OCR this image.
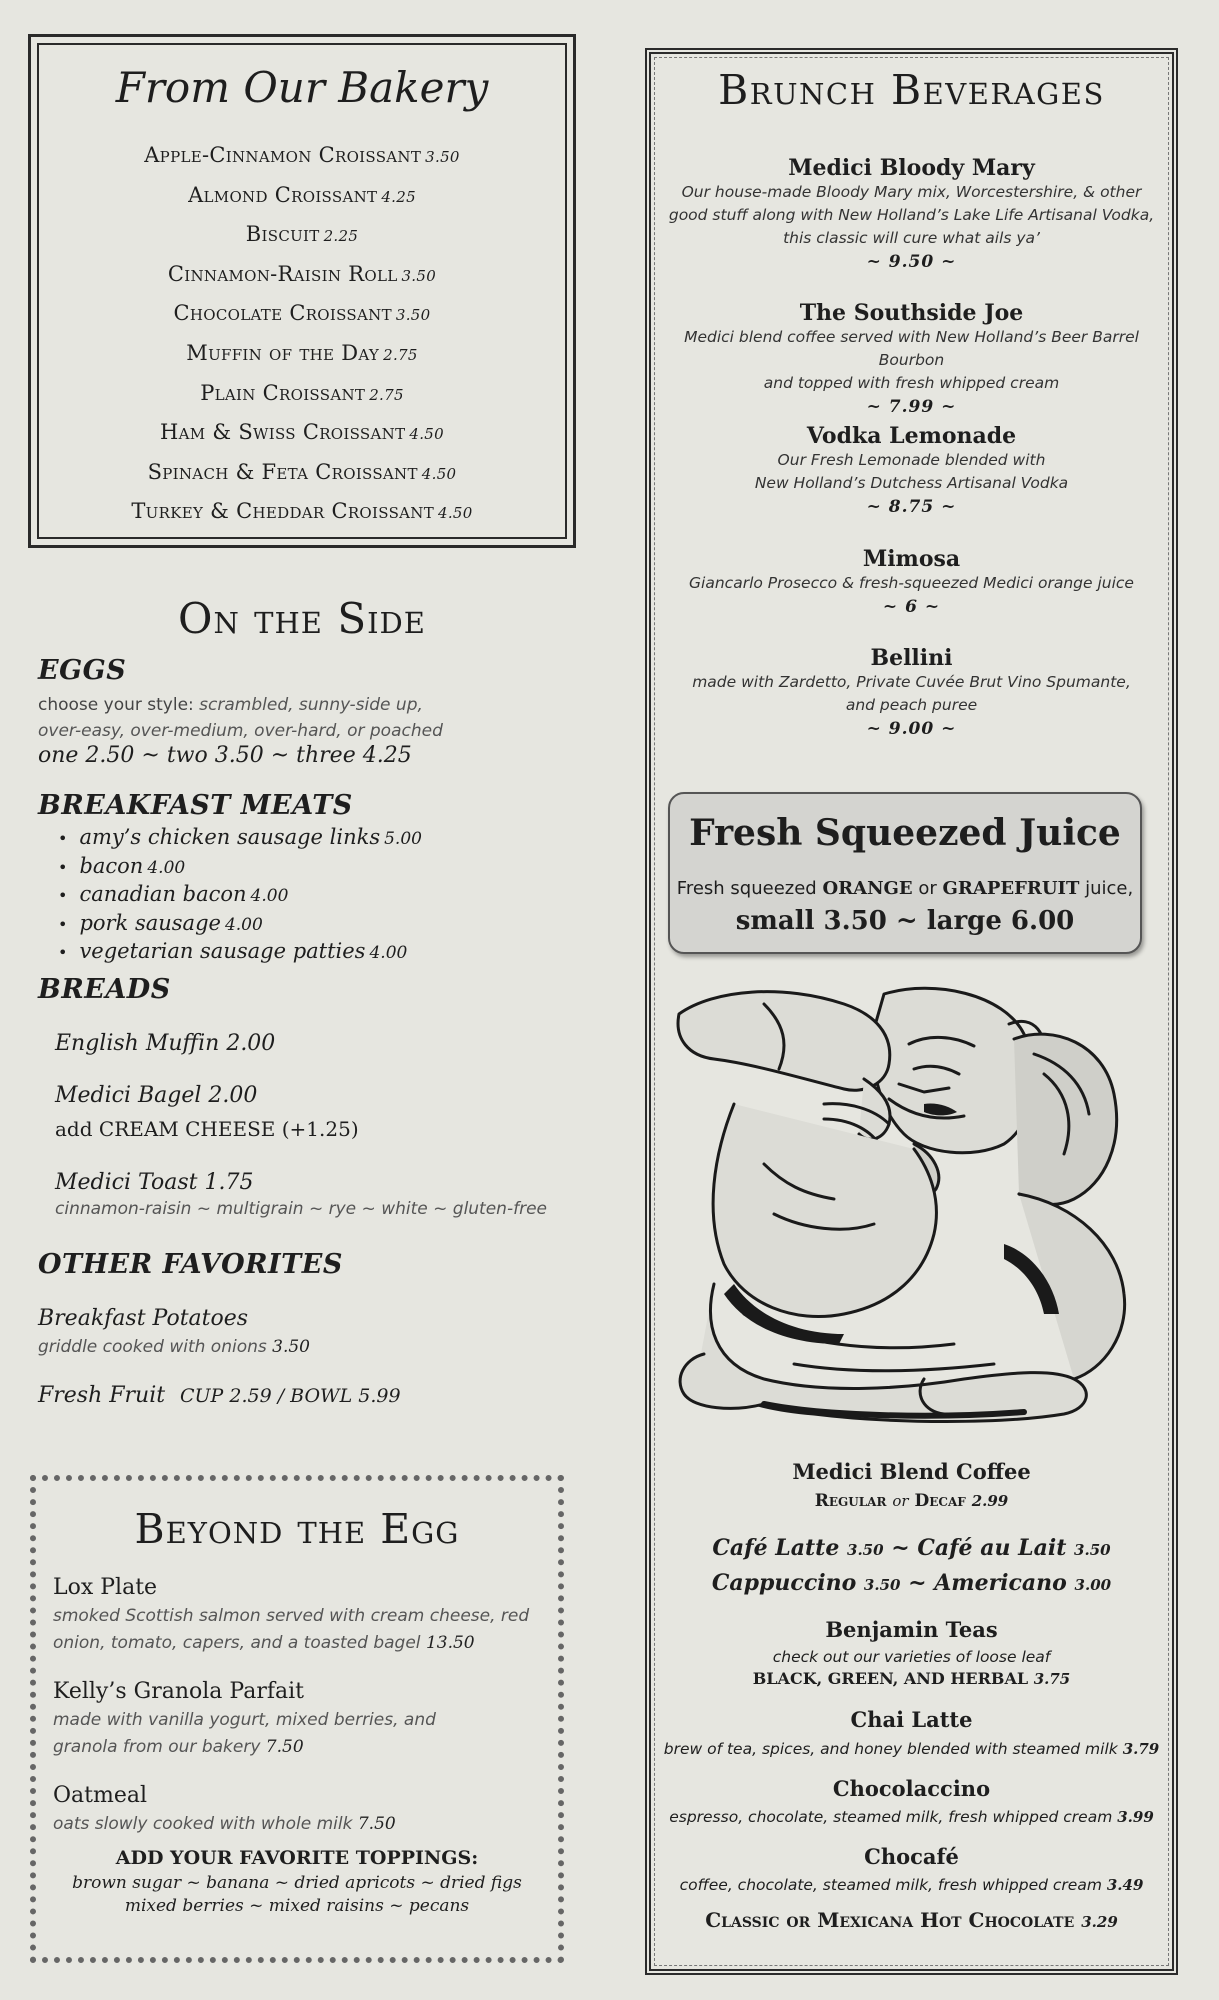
From Our Bakery
Apple-Cinnamon Croissant 3.50
Almond Croissant 4.25
Biscuit 2.25
Cinnamon-Raisin Roll 3.50
Chocolate Croissant 3.50
Muffin of the Day 2.75
Plain Croissant 2.75
Ham & Swiss Croissant 4.50
Spinach & Feta Croissant 4.50
Turkey & Cheddar Croissant 4.50
On the Side
EGGS
choose your style: scrambled, sunny-side up,
over-easy, over-medium, over-hard, or poached
one 2.50 ~ two 3.50 ~ three 4.25
BREAKFAST MEATS
• amy’s chicken sausage links 5.00
• bacon 4.00
• canadian bacon 4.00
• pork sausage 4.00
• vegetarian sausage patties 4.00
BREADS
English Muffin 2.00
Medici Bagel 2.00
add CREAM CHEESE (+1.25)
Medici Toast 1.75
cinnamon-raisin ~ multigrain ~ rye ~ white ~ gluten-free
OTHER FAVORITES
Breakfast Potatoes
griddle cooked with onions 3.50
Fresh Fruit CUP 2.59 / BOWL 5.99
Beyond the Egg
Lox Plate
smoked Scottish salmon served with cream cheese, red
onion, tomato, capers, and a toasted bagel 13.50
Kelly’s Granola Parfait
made with vanilla yogurt, mixed berries, and
granola from our bakery 7.50
Oatmeal
oats slowly cooked with whole milk 7.50
ADD YOUR FAVORITE TOPPINGS:
brown sugar ~ banana ~ dried apricots ~ dried figs
mixed berries ~ mixed raisins ~ pecans
Brunch Beverages
Medici Bloody Mary
Our house-made Bloody Mary mix, Worcestershire, & other
good stuff along with New Holland’s Lake Life Artisanal Vodka,
this classic will cure what ails ya’
~ 9.50 ~
The Southside Joe
Medici blend coffee served with New Holland’s Beer Barrel Bourbon
and topped with fresh whipped cream
~ 7.99 ~
Vodka Lemonade
Our Fresh Lemonade blended with
New Holland’s Dutchess Artisanal Vodka
~ 8.75 ~
Mimosa
Giancarlo Prosecco & fresh-squeezed Medici orange juice
~ 6 ~
Bellini
made with Zardetto, Private Cuvée Brut Vino Spumante,
and peach puree
~ 9.00 ~
Fresh Squeezed Juice
Fresh squeezed ORANGE or GRAPEFRUIT juice,
small 3.50 ~ large 6.00
Medici Blend Coffee
Regular or Decaf 2.99
Café Latte 3.50 ~ Café au Lait 3.50
Cappuccino 3.50 ~ Americano 3.00
Benjamin Teas
check out our varieties of loose leaf
BLACK, GREEN, AND HERBAL 3.75
Chai Latte
brew of tea, spices, and honey blended with steamed milk 3.79
Chocolaccino
espresso, chocolate, steamed milk, fresh whipped cream 3.99
Chocafé
coffee, chocolate, steamed milk, fresh whipped cream 3.49
Classic or Mexicana Hot Chocolate 3.29
